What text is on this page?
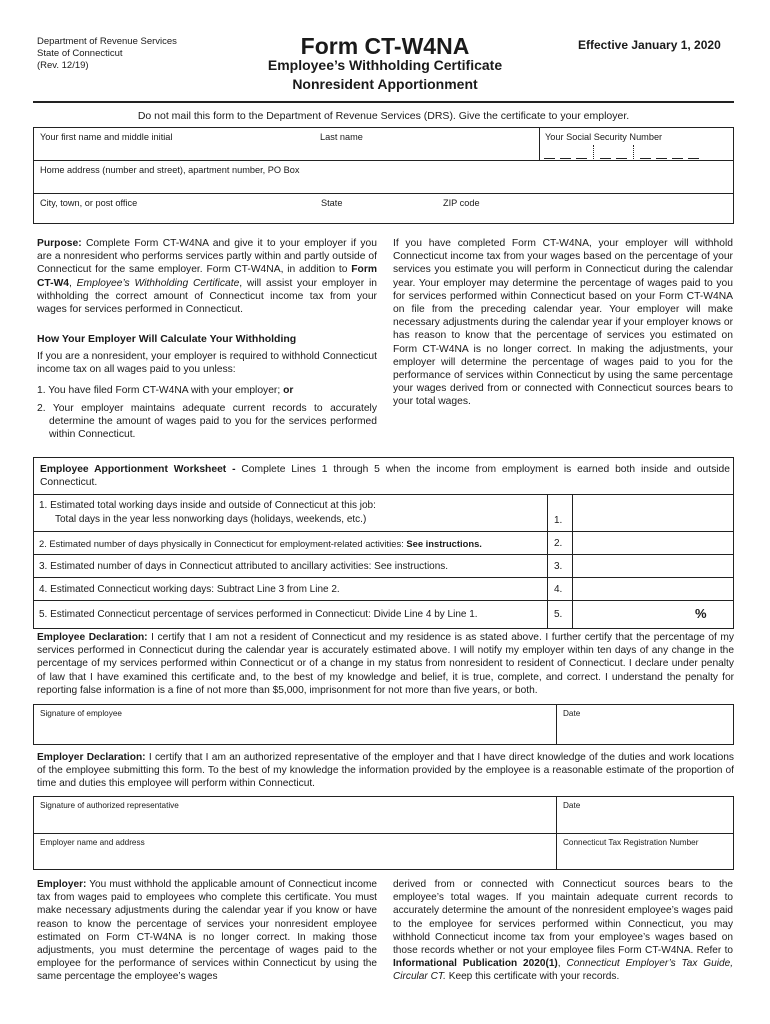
Department of Revenue Services
State of Connecticut
(Rev. 12/19)
Form CT-W4NA
Employee’s Withholding Certificate
Nonresident Apportionment
Effective January 1, 2020
Do not mail this form to the Department of Revenue Services (DRS). Give the certificate to your employer.
Your first name and middle initial	Last name	Your Social Security Number
Home address (number and street), apartment number, PO Box
City, town, or post office	State	ZIP code
Purpose: Complete Form CT-W4NA and give it to your employer if you are a nonresident who performs services partly within and partly outside of Connecticut for the same employer. Form CT-W4NA, in addition to Form CT-W4, Employee’s Withholding Certificate, will assist your employer in withholding the correct amount of Connecticut income tax from your wages for services performed in Connecticut.
How Your Employer Will Calculate Your Withholding
If you are a nonresident, your employer is required to withhold Connecticut income tax on all wages paid to you unless:
1. You have filed Form CT-W4NA with your employer; or
2. Your employer maintains adequate current records to accurately determine the amount of wages paid to you for the services performed within Connecticut.
If you have completed Form CT-W4NA, your employer will withhold Connecticut income tax from your wages based on the percentage of your services you estimate you will perform in Connecticut during the calendar year. Your employer may determine the percentage of wages paid to you for services performed within Connecticut based on your Form CT-W4NA on file from the preceding calendar year. Your employer will make necessary adjustments during the calendar year if your employer knows or has reason to know that the percentage of services you estimated on Form CT-W4NA is no longer correct. In making the adjustments, your employer will determine the percentage of wages paid to you for the performance of services within Connecticut by using the same percentage your wages derived from or connected with Connecticut sources bears to your total wages.
Employee Apportionment Worksheet - Complete Lines 1 through 5 when the income from employment is earned both inside and outside Connecticut.
1. Estimated total working days inside and outside of Connecticut at this job:
Total days in the year less nonworking days (holidays, weekends, etc.)	1.
2. Estimated number of days physically in Connecticut for employment-related activities: See instructions.	2.
3. Estimated number of days in Connecticut attributed to ancillary activities: See instructions.	3.
4. Estimated Connecticut working days: Subtract Line 3 from Line 2.	4.
5. Estimated Connecticut percentage of services performed in Connecticut: Divide Line 4 by Line 1.	5.	%
Employee Declaration: I certify that I am not a resident of Connecticut and my residence is as stated above. I further certify that the percentage of my services performed in Connecticut during the calendar year is accurately estimated above. I will notify my employer within ten days of any change in the percentage of my services performed within Connecticut or of a change in my status from nonresident to resident of Connecticut. I declare under penalty of law that I have examined this certificate and, to the best of my knowledge and belief, it is true, complete, and correct. I understand the penalty for reporting false information is a fine of not more than $5,000, imprisonment for not more than five years, or both.
Signature of employee	Date
Employer Declaration: I certify that I am an authorized representative of the employer and that I have direct knowledge of the duties and work locations of the employee submitting this form. To the best of my knowledge the information provided by the employee is a reasonable estimate of the proportion of time and duties this employee will perform within Connecticut.
Signature of authorized representative	Date
Employer name and address	Connecticut Tax Registration Number
Employer: You must withhold the applicable amount of Connecticut income tax from wages paid to employees who complete this certificate. You must make necessary adjustments during the calendar year if you know or have reason to know the percentage of services your nonresident employee estimated on Form CT-W4NA is no longer correct. In making those adjustments, you must determine the percentage of wages paid to the employee for the performance of services within Connecticut by using the same percentage the employee’s wages
derived from or connected with Connecticut sources bears to the employee’s total wages. If you maintain adequate current records to accurately determine the amount of the nonresident employee’s wages paid to the employee for services performed within Connecticut, you may withhold Connecticut income tax from your employee’s wages based on those records whether or not your employee files Form CT-W4NA. Refer to Informational Publication 2020(1), Connecticut Employer’s Tax Guide, Circular CT. Keep this certificate with your records.
